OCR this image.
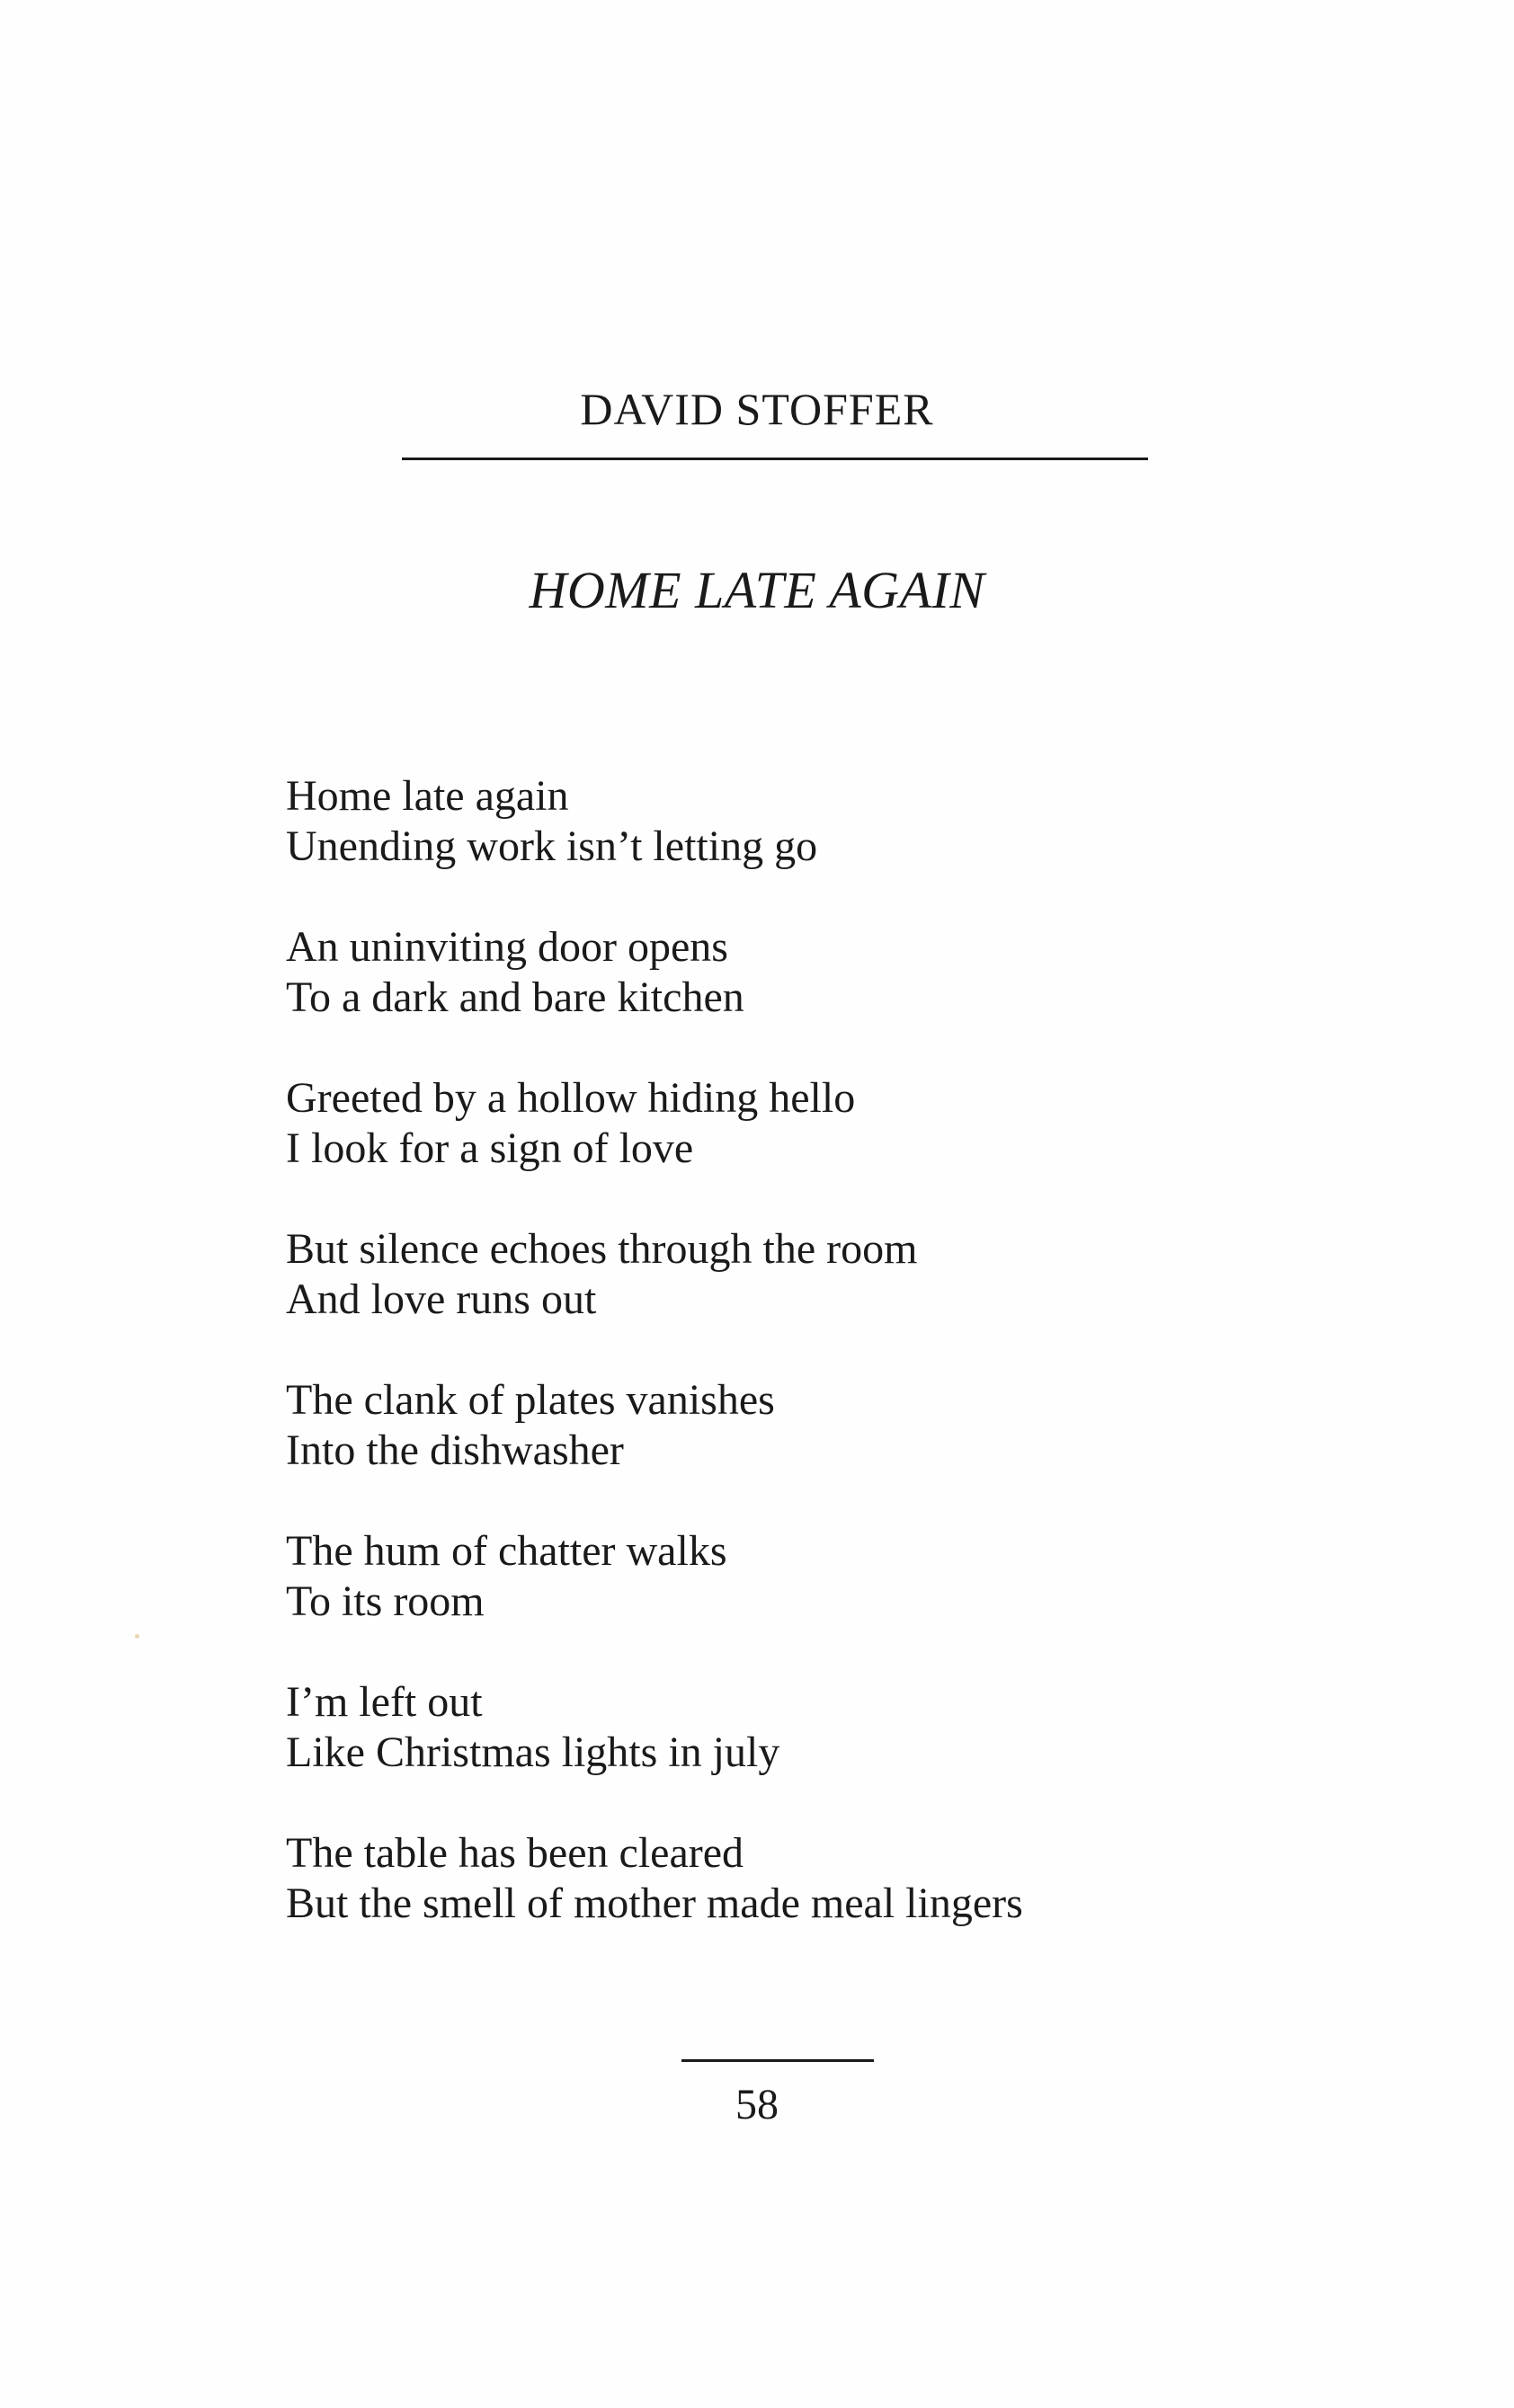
DAVID STOFFER
HOME LATE AGAIN
Home late again
Unending work isn’t letting go
An uninviting door opens
To a dark and bare kitchen
Greeted by a hollow hiding hello
I look for a sign of love
But silence echoes through the room
And love runs out
The clank of plates vanishes
Into the dishwasher
The hum of chatter walks
To its room
I’m left out
Like Christmas lights in july
The table has been cleared
But the smell of mother made meal lingers
58
